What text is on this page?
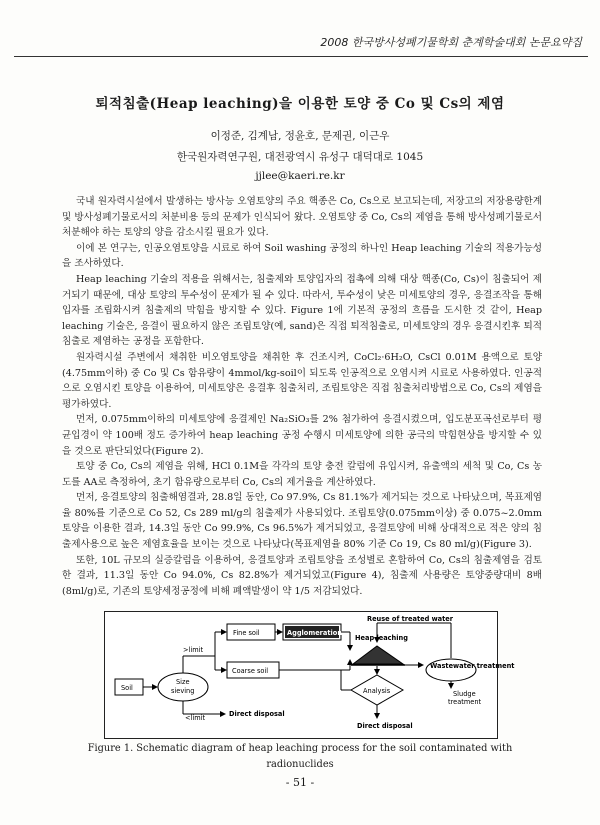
2008 한국방사성폐기물학회 춘계학술대회 논문요약집
퇴적침출(Heap leaching)을 이용한 토양 중 Co 및 Cs의 제염
이정준, 김계남, 정윤호, 문제권, 이근우
한국원자력연구원, 대전광역시 유성구 대덕대로 1045
jjlee@kaeri.re.kr

국내 원자력시설에서 발생하는 방사능 오염토양의 주요 핵종은 Co, Cs으로 보고되는데, 저장고의 저장용량한계 및 방사성폐기물로서의 처분비용 등의 문제가 인식되어 왔다. 오염토양 중 Co, Cs의 제염을 통해 방사성폐기물로서 처분해야 하는 토양의 양을 감소시킬 필요가 있다.

이에 본 연구는, 인공오염토양을 시료로 하여 Soil washing 공정의 하나인 Heap leaching 기술의 적용가능성을 조사하였다.

Heap leaching 기술의 적용을 위해서는, 침출제와 토양입자의 접촉에 의해 대상 핵종(Co, Cs)이 침출되어 제거되기 때문에, 대상 토양의 투수성이 문제가 될 수 있다. 따라서, 투수성이 낮은 미세토양의 경우, 응결조작을 통해 입자를 조립화시켜 침출제의 막힘을 방지할 수 있다. Figure 1에 기본적 공정의 흐름을 도시한 것 같이, Heap leaching 기술은, 응결이 필요하지 않은 조립토양(예, sand)은 직접 퇴적침출로, 미세토양의 경우 응결시킨후 퇴적침출로 제염하는 공정을 포함한다.

원자력시설 주변에서 채취한 비오염토양을 채취한 후 건조시켜, CoCl₂·6H₂O, CsCl 0.01M 용액으로 토양 (4.75mm이하) 중 Co 및 Cs 함유량이 4mmol/kg-soil이 되도록 인공적으로 오염시켜 시료로 사용하였다. 인공적으로 오염시킨 토양을 이용하여, 미세토양은 응결후 침출처리, 조립토양은 직접 침출처리방법으로 Co, Cs의 제염을 평가하였다.

먼저, 0.075mm이하의 미세토양에 응결제인 Na₂SiO₃를 2% 첨가하여 응결시켰으며, 입도분포곡선로부터 평균입경이 약 100배 정도 증가하여 heap leaching 공정 수행시 미세토양에 의한 공극의 막힘현상을 방지할 수 있을 것으로 판단되었다(Figure 2).

토양 중 Co, Cs의 제염을 위해, HCl 0.1M을 각각의 토양 충전 칼럼에 유입시켜, 유출액의 세척 및 Co, Cs 농도를 AA로 측정하여, 초기 함유량으로부터 Co, Cs의 제거율을 계산하였다.

먼저, 응결토양의 침출해염결과, 28.8일 동안, Co 97.9%, Cs 81.1%가 제거되는 것으로 나타났으며, 목표제염율 80%를 기준으로 Co 52, Cs 289 ml/g의 침출제가 사용되었다. 조립토양(0.075mm이상) 중 0.075~2.0mm 토양을 이용한 결과, 14.3일 동안 Co 99.9%, Cs 96.5%가 제거되었고, 응결토양에 비해 상대적으로 적은 양의 침출제사용으로 높은 제염효율을 보이는 것으로 나타났다(목표제염율 80% 기준 Co 19, Cs 80 ml/g)(Figure 3).

또한, 10L 규모의 실증칼럼을 이용하여, 응결토양과 조립토양을 조성별로 혼합하여 Co, Cs의 침출제염을 검토한 결과, 11.3일 동안 Co 94.0%, Cs 82.8%가 제거되었고(Figure 4), 침출제 사용량은 토양중량대비 8배(8ml/g)로, 기존의 토양세정공정에 비해 폐액발생이 약 1/5 저감되었다.

Soil
Size
sieving
>limit
Fine soil	Agglomeration
Coarse soil
Heap leaching
Reuse of treated water
Wastewater treatment
Sludge
treatment
Analysis
Direct disposal
<limit	Direct disposal
Figure 1. Schematic diagram of heap leaching process for the soil contaminated with
radionuclides
- 51 -
